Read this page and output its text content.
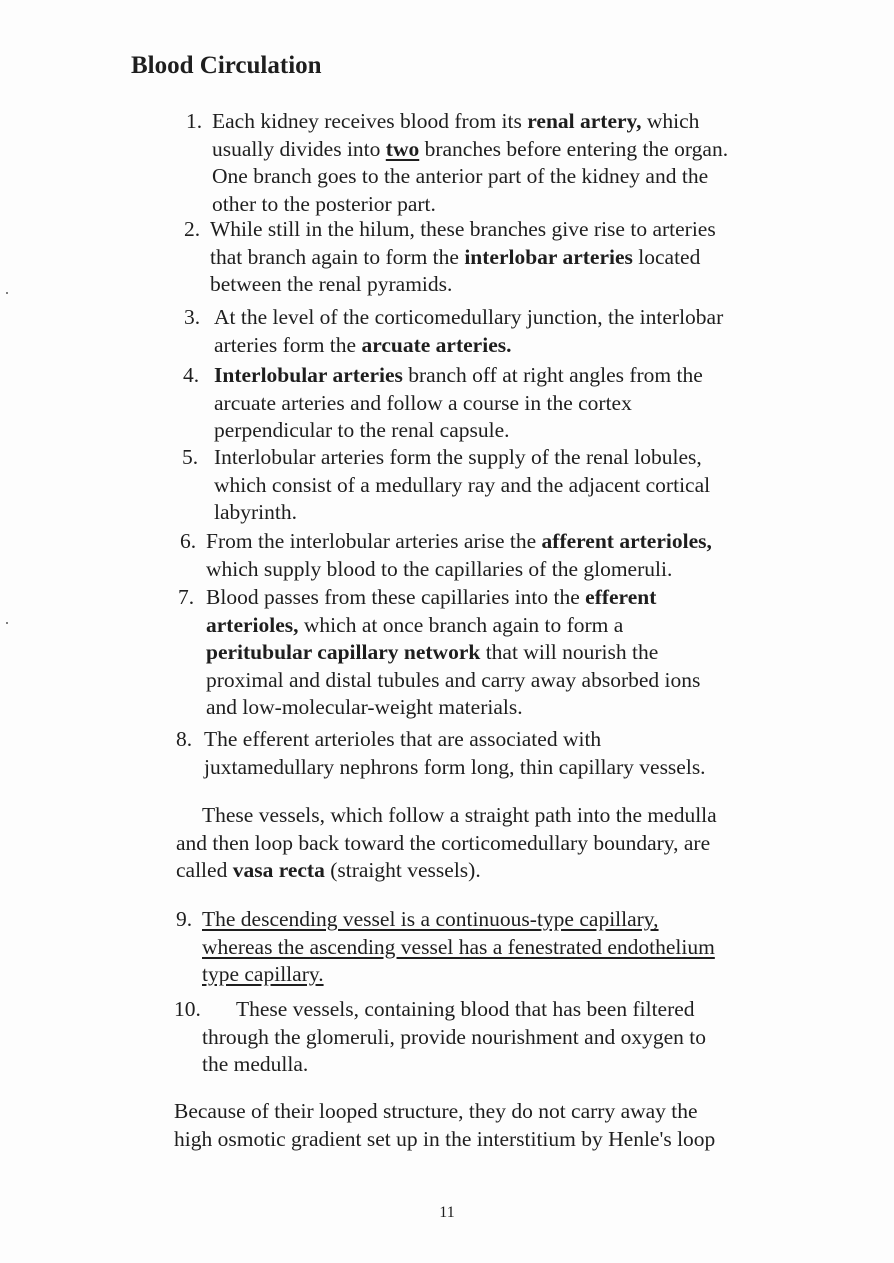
Blood Circulation
1. Each kidney receives blood from its renal artery, which
usually divides into two branches before entering the organ.
One branch goes to the anterior part of the kidney and the
other to the posterior part.
2. While still in the hilum, these branches give rise to arteries
that branch again to form the interlobar arteries located
between the renal pyramids.
3. At the level of the corticomedullary junction, the interlobar
arteries form the arcuate arteries.
4. Interlobular arteries branch off at right angles from the
arcuate arteries and follow a course in the cortex
perpendicular to the renal capsule.
5. Interlobular arteries form the supply of the renal lobules,
which consist of a medullary ray and the adjacent cortical
labyrinth.
6. From the interlobular arteries arise the afferent arterioles,
which supply blood to the capillaries of the glomeruli.
7. Blood passes from these capillaries into the efferent
arterioles, which at once branch again to form a
peritubular capillary network that will nourish the
proximal and distal tubules and carry away absorbed ions
and low-molecular-weight materials.
8. The efferent arterioles that are associated with
juxtamedullary nephrons form long, thin capillary vessels.
These vessels, which follow a straight path into the medulla
and then loop back toward the corticomedullary boundary, are
called vasa recta (straight vessels).
9. The descending vessel is a continuous-type capillary,
whereas the ascending vessel has a fenestrated endothelium
type capillary.
10.	These vessels, containing blood that has been filtered
through the glomeruli, provide nourishment and oxygen to
the medulla.
Because of their looped structure, they do not carry away the
high osmotic gradient set up in the interstitium by Henle's loop
11
